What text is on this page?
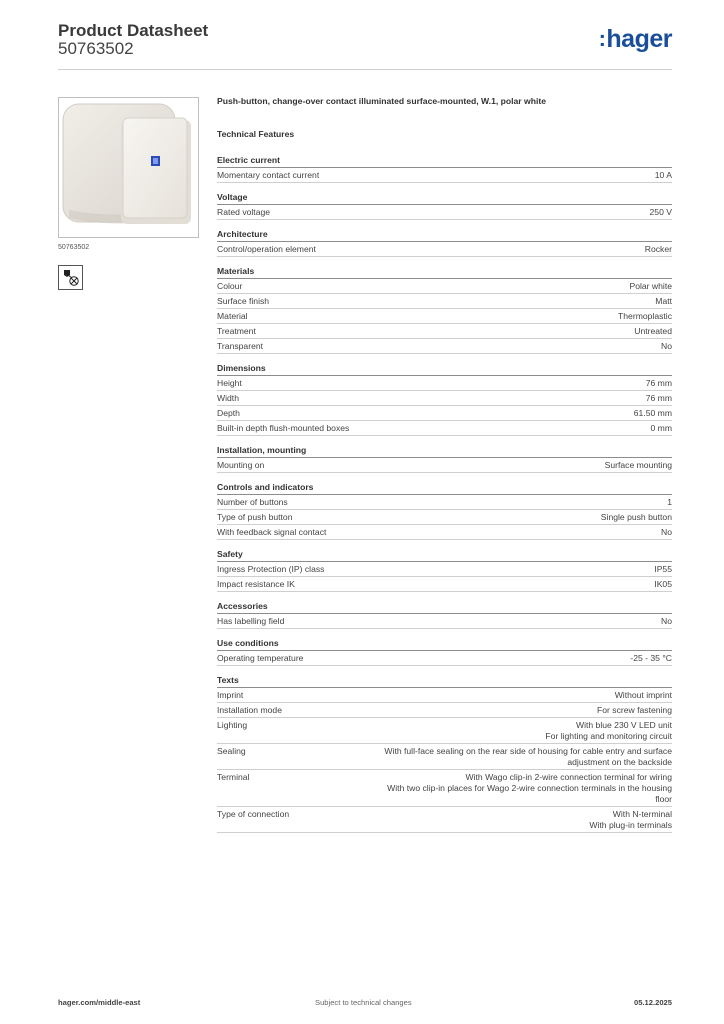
Product Datasheet
50763502	:hager
50763502
Push-button, change-over contact illuminated surface-mounted, W.1, polar white
Technical Features
Electric current
Momentary contact current	10 A
Voltage
Rated voltage	250 V
Architecture
Control/operation element	Rocker
Materials
Colour	Polar white
Surface finish	Matt
Material	Thermoplastic
Treatment	Untreated
Transparent	No
Dimensions
Height	76 mm
Width	76 mm
Depth	61.50 mm
Built-in depth flush-mounted boxes	0 mm
Installation, mounting
Mounting on	Surface mounting
Controls and indicators
Number of buttons	1
Type of push button	Single push button
With feedback signal contact	No
Safety
Ingress Protection (IP) class	IP55
Impact resistance IK	IK05
Accessories
Has labelling field	No
Use conditions
Operating temperature	-25 - 35 °C
Texts
Imprint	Without imprint
Installation mode	For screw fastening
Lighting	With blue 230 V LED unit
For lighting and monitoring circuit
Sealing	With full-face sealing on the rear side of housing for cable entry and surface adjustment on the backside
Terminal	With Wago clip-in 2-wire connection terminal for wiring
With two clip-in places for Wago 2-wire connection terminals in the housing floor
Type of connection	With N-terminal
With plug-in terminals
hager.com/middle-east	Subject to technical changes	05.12.2025
